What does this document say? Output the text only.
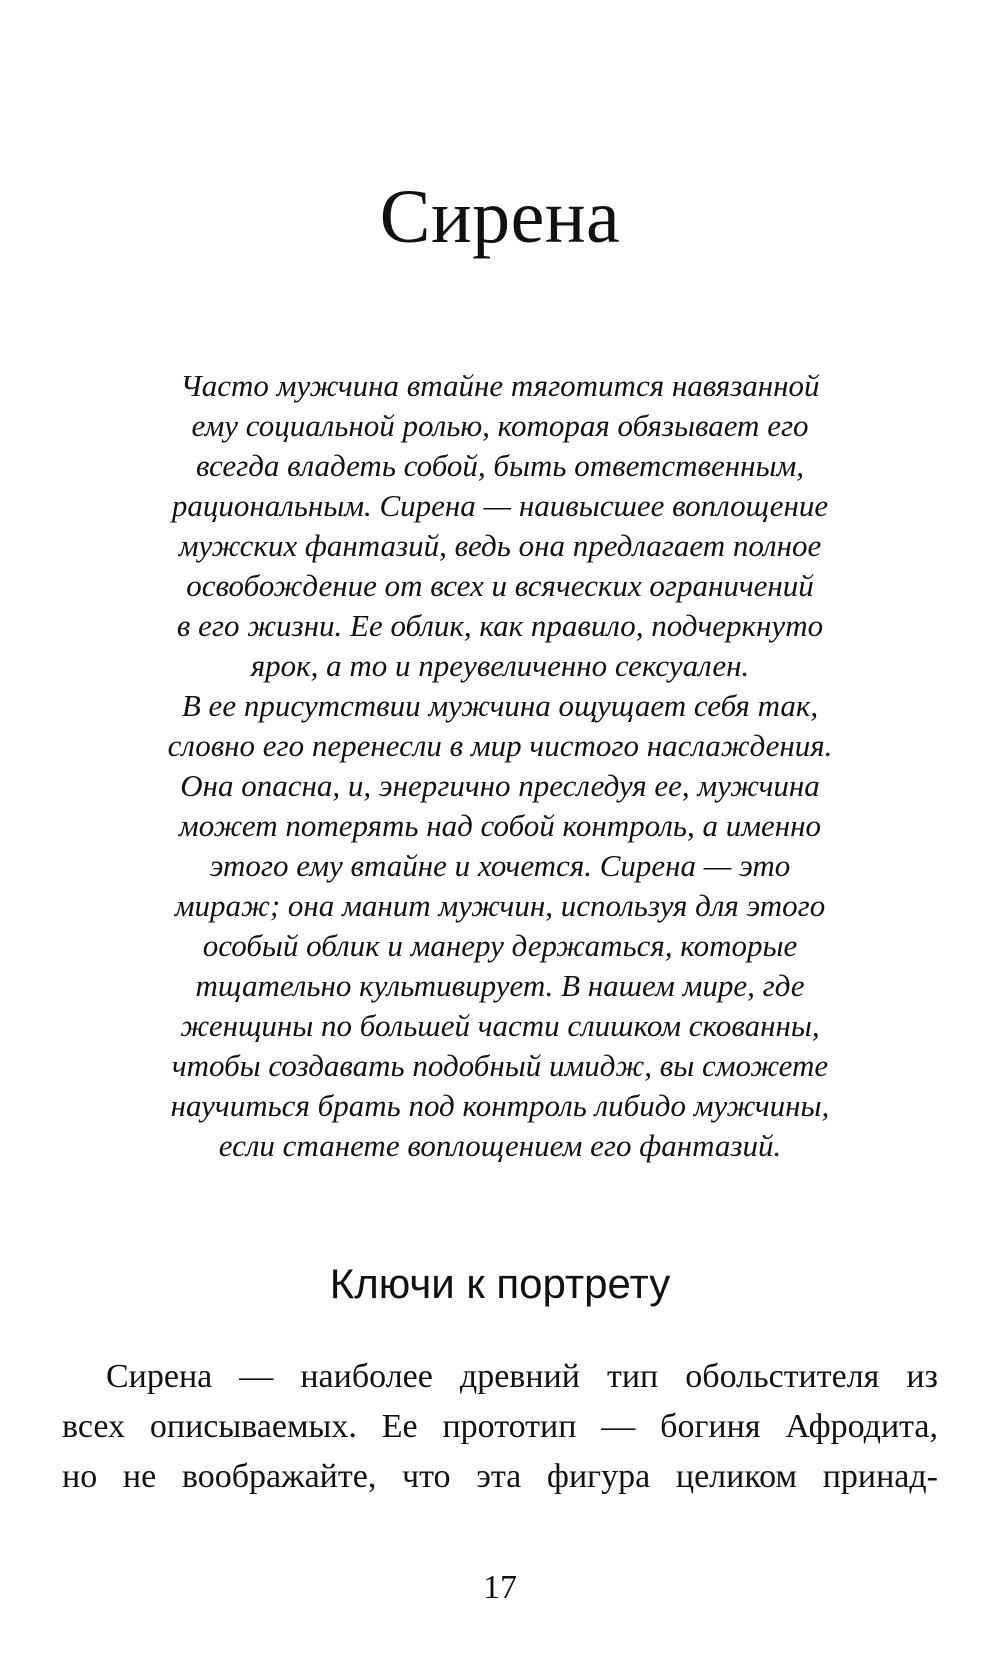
Сирена
Часто мужчина втайне тяготится навязанной
ему социальной ролью, которая обязывает его
всегда владеть собой, быть ответственным,
рациональным. Сирена — наивысшее воплощение
мужских фантазий, ведь она предлагает полное
освобождение от всех и всяческих ограничений
в его жизни. Ее облик, как правило, подчеркнуто
ярок, а то и преувеличенно сексуален.
В ее присутствии мужчина ощущает себя так,
словно его перенесли в мир чистого наслаждения.
Она опасна, и, энергично преследуя ее, мужчина
может потерять над собой контроль, а именно
этого ему втайне и хочется. Сирена — это
мираж; она манит мужчин, используя для этого
особый облик и манеру держаться, которые
тщательно культивирует. В нашем мире, где
женщины по большей части слишком скованны,
чтобы создавать подобный имидж, вы сможете
научиться брать под контроль либидо мужчины,
если станете воплощением его фантазий.
Ключи к портрету
Сирена — наиболее древний тип обольстителя из
всех описываемых. Ее прототип — богиня Афродита,
но не воображайте, что эта фигура целиком принад-
17
